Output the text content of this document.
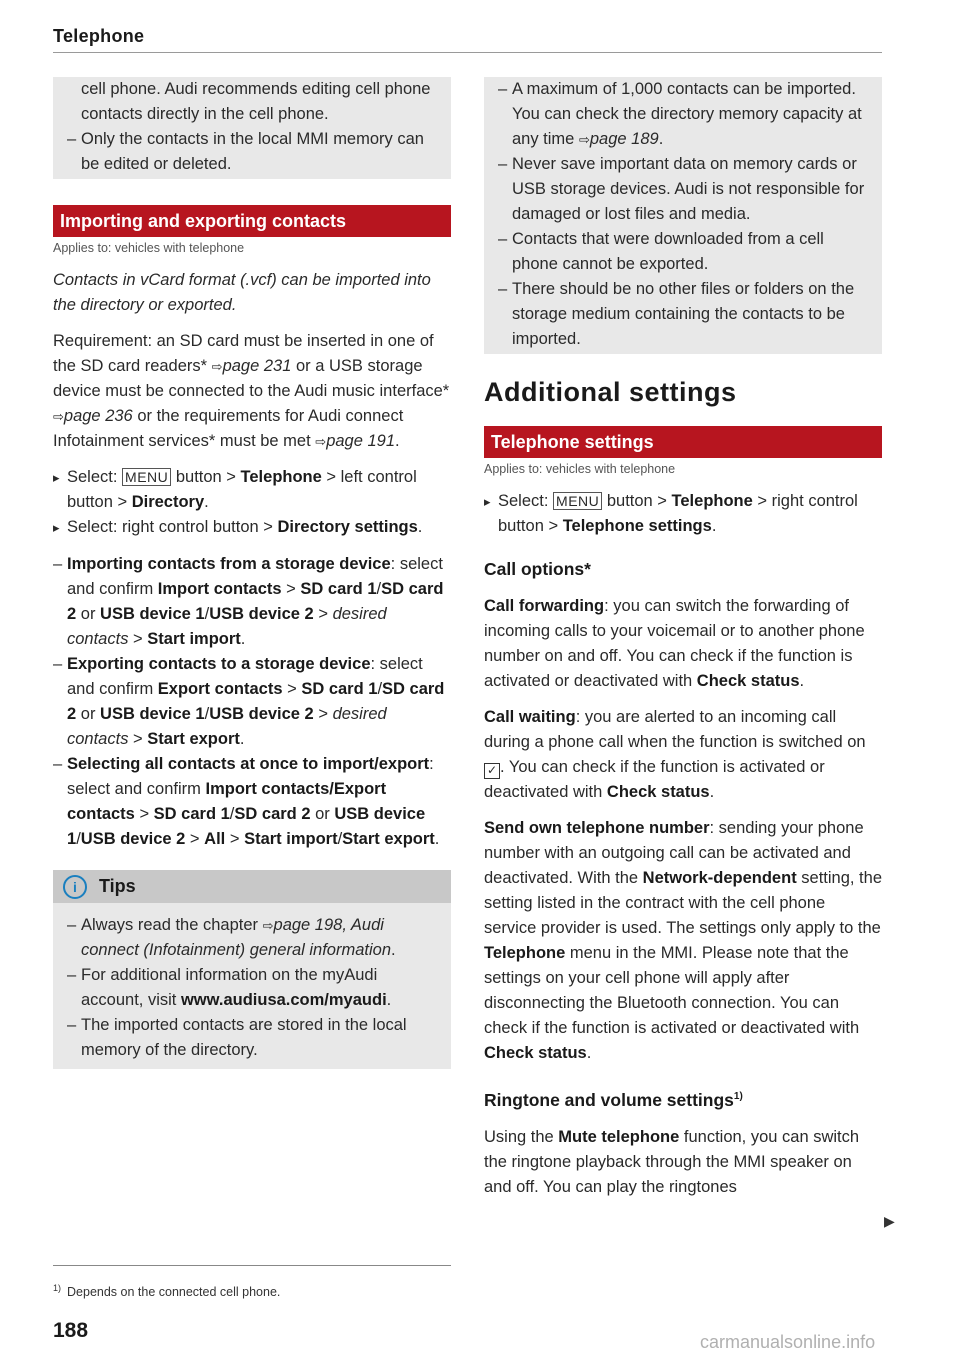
Telephone

cell phone. Audi recommends editing cell phone contacts directly in the cell phone.

– Only the contacts in the local MMI memory can be edited or deleted.
Importing and exporting contacts
Applies to: vehicles with telephone

Contacts in vCard format (.vcf) can be imported into the directory or exported.

Requirement: an SD card must be inserted in one of the SD card readers* ⇨page 231 or a USB storage device must be connected to the Audi music interface* ⇨page 236 or the requirements for Audi connect Infotainment services* must be met ⇨page 191.

▸ Select: MENU button > Telephone > left control button > Directory.
▸ Select: right control button > Directory settings.
– Importing contacts from a storage device: select and confirm Import contacts > SD card 1/SD card 2 or USB device 1/USB device 2 > desired contacts > Start import.
– Exporting contacts to a storage device: select and confirm Export contacts > SD card 1/SD card 2 or USB device 1/USB device 2 > desired contacts > Start export.
– Selecting all contacts at once to import/export: select and confirm Import contacts/Export contacts > SD card 1/SD card 2 or USB device 1/USB device 2 > All > Start import/Start export.
i	Tips
– Always read the chapter ⇨page 198, Audi connect (Infotainment) general information.
– For additional information on the myAudi account, visit www.audiusa.com/myaudi.
– The imported contacts are stored in the local memory of the directory.
– A maximum of 1,000 contacts can be imported. You can check the directory memory capacity at any time ⇨page 189.
– Never save important data on memory cards or USB storage devices. Audi is not responsible for damaged or lost files and media.
– Contacts that were downloaded from a cell phone cannot be exported.
– There should be no other files or folders on the storage medium containing the contacts to be imported.
Additional settings
Telephone settings
Applies to: vehicles with telephone
▸ Select: MENU button > Telephone > right control button > Telephone settings.
Call options*

Call forwarding: you can switch the forwarding of incoming calls to your voicemail or to another phone number on and off. You can check if the function is activated or deactivated with Check status.

Call waiting: you are alerted to an incoming call during a phone call when the function is switched on ✓ . You can check if the function is activated or deactivated with Check status.

Send own telephone number: sending your phone number with an outgoing call can be activated and deactivated. With the Network-dependent setting, the setting listed in the contract with the cell phone service provider is used. The settings only apply to the Telephone menu in the MMI. Please note that the settings on your cell phone will apply after disconnecting the Bluetooth connection. You can check if the function is activated or deactivated with Check status.

Ringtone and volume settings$^{1)}$

Using the Mute telephone function, you can switch the ringtone playback through the MMI speaker on and off. You can play the ringtones

▶
$^{1)}$ Depends on the connected cell phone.
188	carmanualsonline.info
